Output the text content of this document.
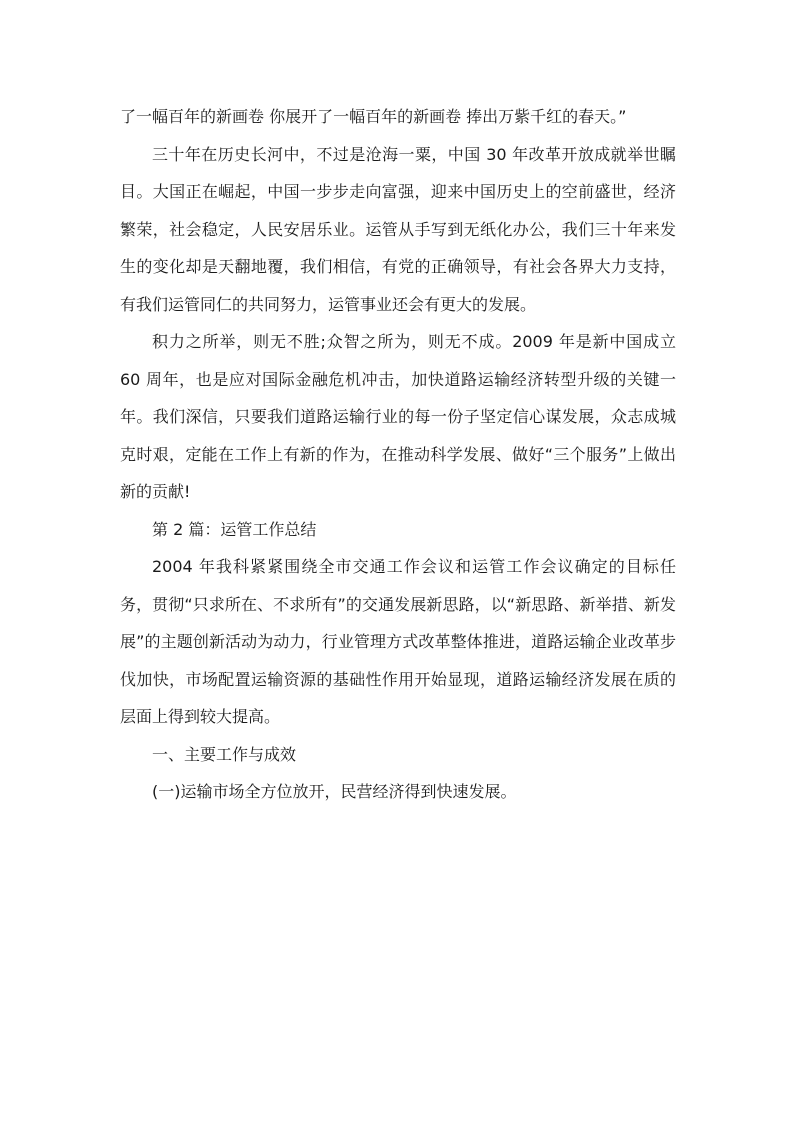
了一幅百年的新画卷 你展开了一幅百年的新画卷 捧出万紫千红的春天。”

三十年在历史长河中，不过是沧海一粟，中国 30 年改革开放成就举世瞩目。大国正在崛起，中国一步步走向富强，迎来中国历史上的空前盛世，经济繁荣，社会稳定，人民安居乐业。运管从手写到无纸化办公，我们三十年来发生的变化却是天翻地覆，我们相信，有党的正确领导，有社会各界大力支持，有我们运管同仁的共同努力，运管事业还会有更大的发展。

积力之所举，则无不胜;众智之所为，则无不成。2009 年是新中国成立 60 周年，也是应对国际金融危机冲击，加快道路运输经济转型升级的关键一年。我们深信，只要我们道路运输行业的每一份子坚定信心谋发展，众志成城克时艰，定能在工作上有新的作为，在推动科学发展、做好“三个服务”上做出新的贡献!

第 2 篇：运管工作总结

2004 年我科紧紧围绕全市交通工作会议和运管工作会议确定的目标任务，贯彻“只求所在、不求所有”的交通发展新思路，以“新思路、新举措、新发展”的主题创新活动为动力，行业管理方式改革整体推进，道路运输企业改革步伐加快，市场配置运输资源的基础性作用开始显现，道路运输经济发展在质的层面上得到较大提高。

一、主要工作与成效

(一)运输市场全方位放开，民营经济得到快速发展。
